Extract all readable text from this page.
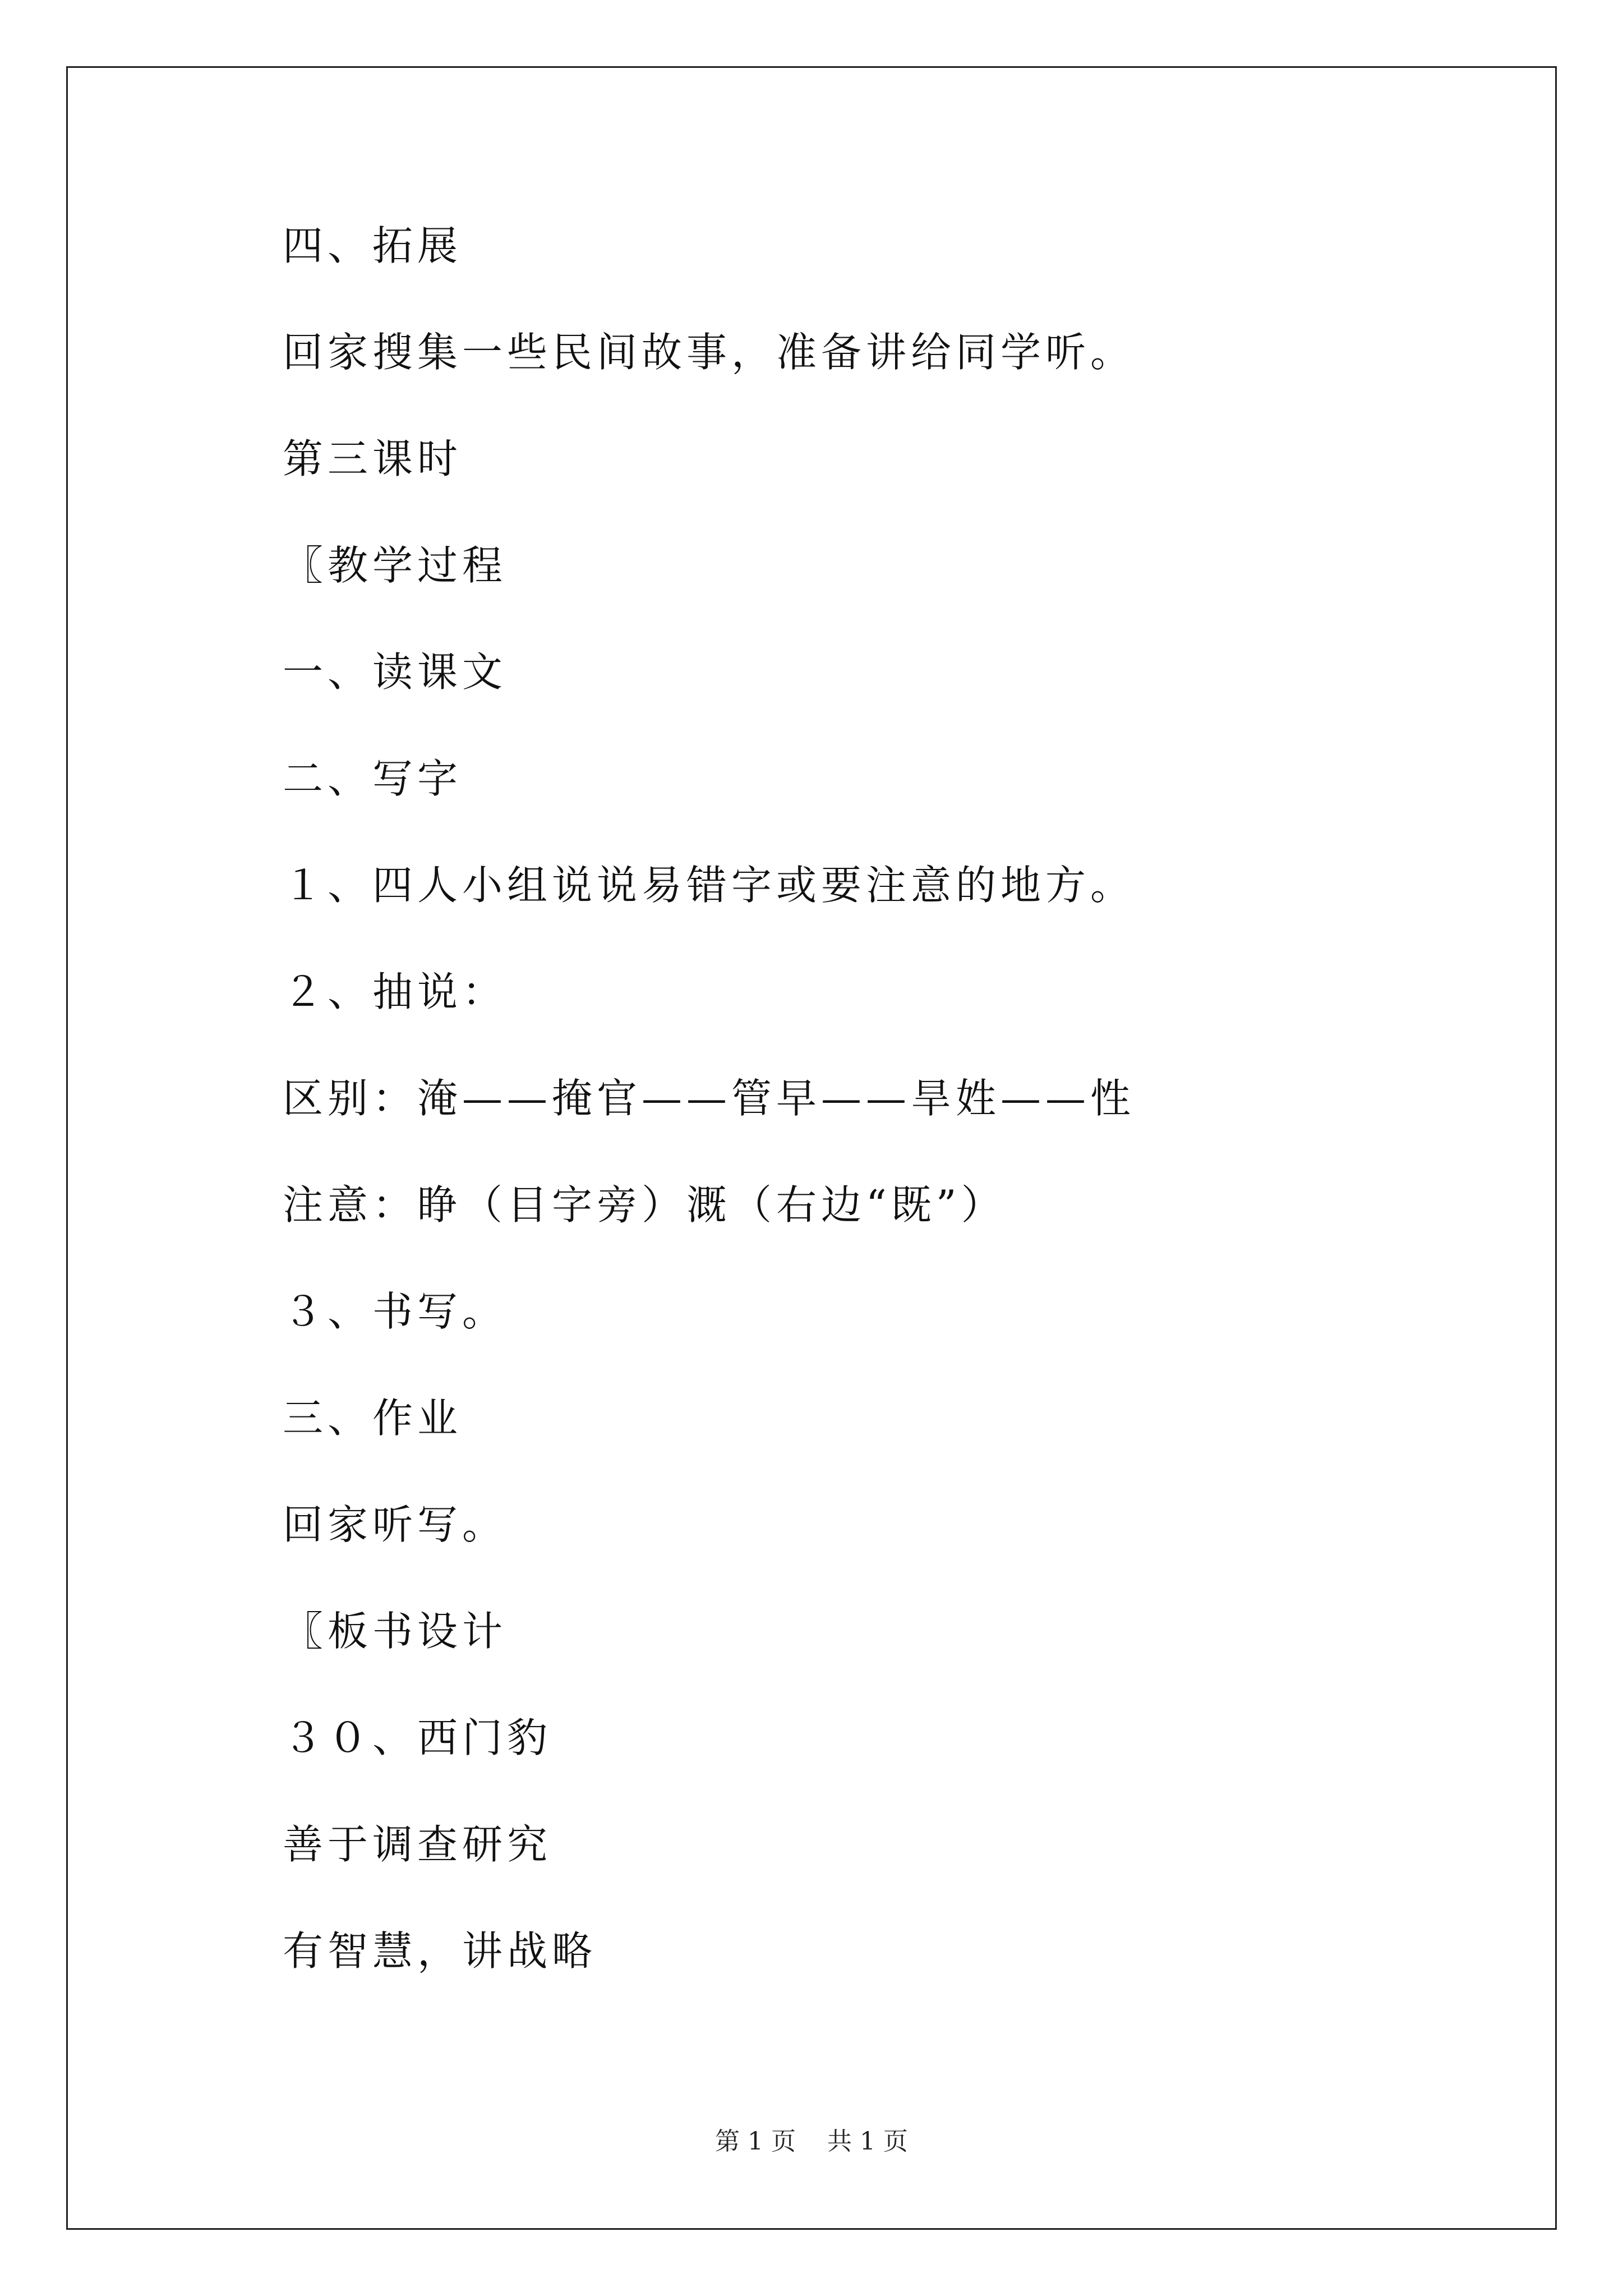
四、拓展
回家搜集一些民间故事，准备讲给同学听。
第三课时
〖教学过程
一、读课文
二、写字
１、四人小组说说易错字或要注意的地方。
２、抽说：
区别：淹——掩官——管早——旱姓——性
注意：睁（目字旁）溉（右边“既”）
３、书写。
三、作业
回家听写。
〖板书设计
３０、西门豹
善于调查研究
有智慧，讲战略
第 1 页    共 1 页
